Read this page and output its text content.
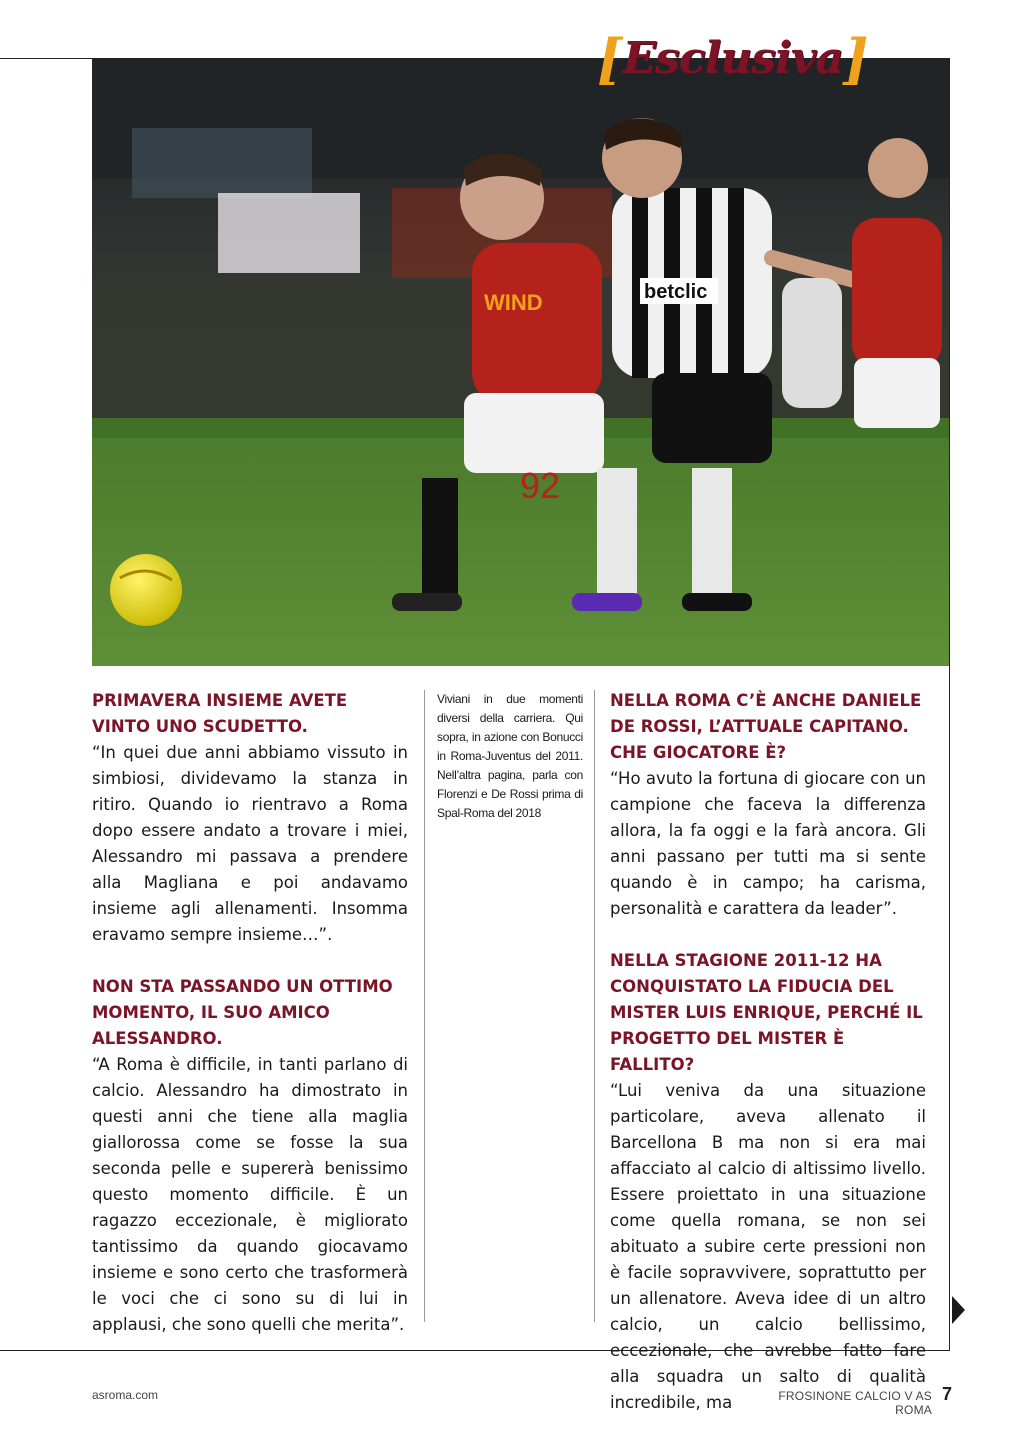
92
WIND	betclic
[ Esclusiva ]

PRIMAVERA INSIEME AVETE VINTO UNO SCUDETTO.

“In quei due anni abbiamo vissuto in simbiosi, dividevamo la stanza in ritiro. Quando io rientravo a Roma dopo essere andato a trovare i miei, Alessandro mi passava a prendere alla Magliana e poi andavamo insieme agli allenamenti. Insomma eravamo sempre insieme…”.

NON STA PASSANDO UN OTTIMO MOMENTO, IL SUO AMICO ALESSANDRO.

“A Roma è difficile, in tanti parlano di calcio. Alessandro ha dimostrato in questi anni che tiene alla maglia giallorossa come se fosse la sua seconda pelle e supererà benissimo questo momento difficile. È un ragazzo eccezionale, è migliorato tantissimo da quando giocavamo insieme e sono certo che trasformerà le voci che ci sono su di lui in applausi, che sono quelli che merita”.

Viviani in due momenti diversi della carriera. Qui sopra, in azione con Bonucci in Roma-Juventus del 2011. Nell’altra pagina, parla con Florenzi e De Rossi prima di Spal-Roma del 2018

NELLA ROMA C’È ANCHE DANIELE DE ROSSI, L’ATTUALE CAPITANO. CHE GIOCATORE È?

“Ho avuto la fortuna di giocare con un campione che faceva la differenza allora, la fa oggi e la farà ancora. Gli anni passano per tutti ma si sente quando è in campo; ha carisma, personalità e carattera da leader”.

NELLA STAGIONE 2011-12 HA CONQUISTATO LA FIDUCIA DEL MISTER LUIS ENRIQUE, PERCHÉ IL PROGETTO DEL MISTER È FALLITO?

“Lui veniva da una situazione particolare, aveva allenato il Barcellona B ma non si era mai affacciato al calcio di altissimo livello. Essere proiettato in una situazione come quella romana, se non sei abituato a subire certe pressioni non è facile sopravvivere, soprattutto per un allenatore. Aveva idee di un altro calcio, un calcio bellissimo, eccezionale, che avrebbe fatto fare alla squadra un salto di qualità incredibile, ma

asroma.com	FROSINONE CALCIO V AS ROMA
7
